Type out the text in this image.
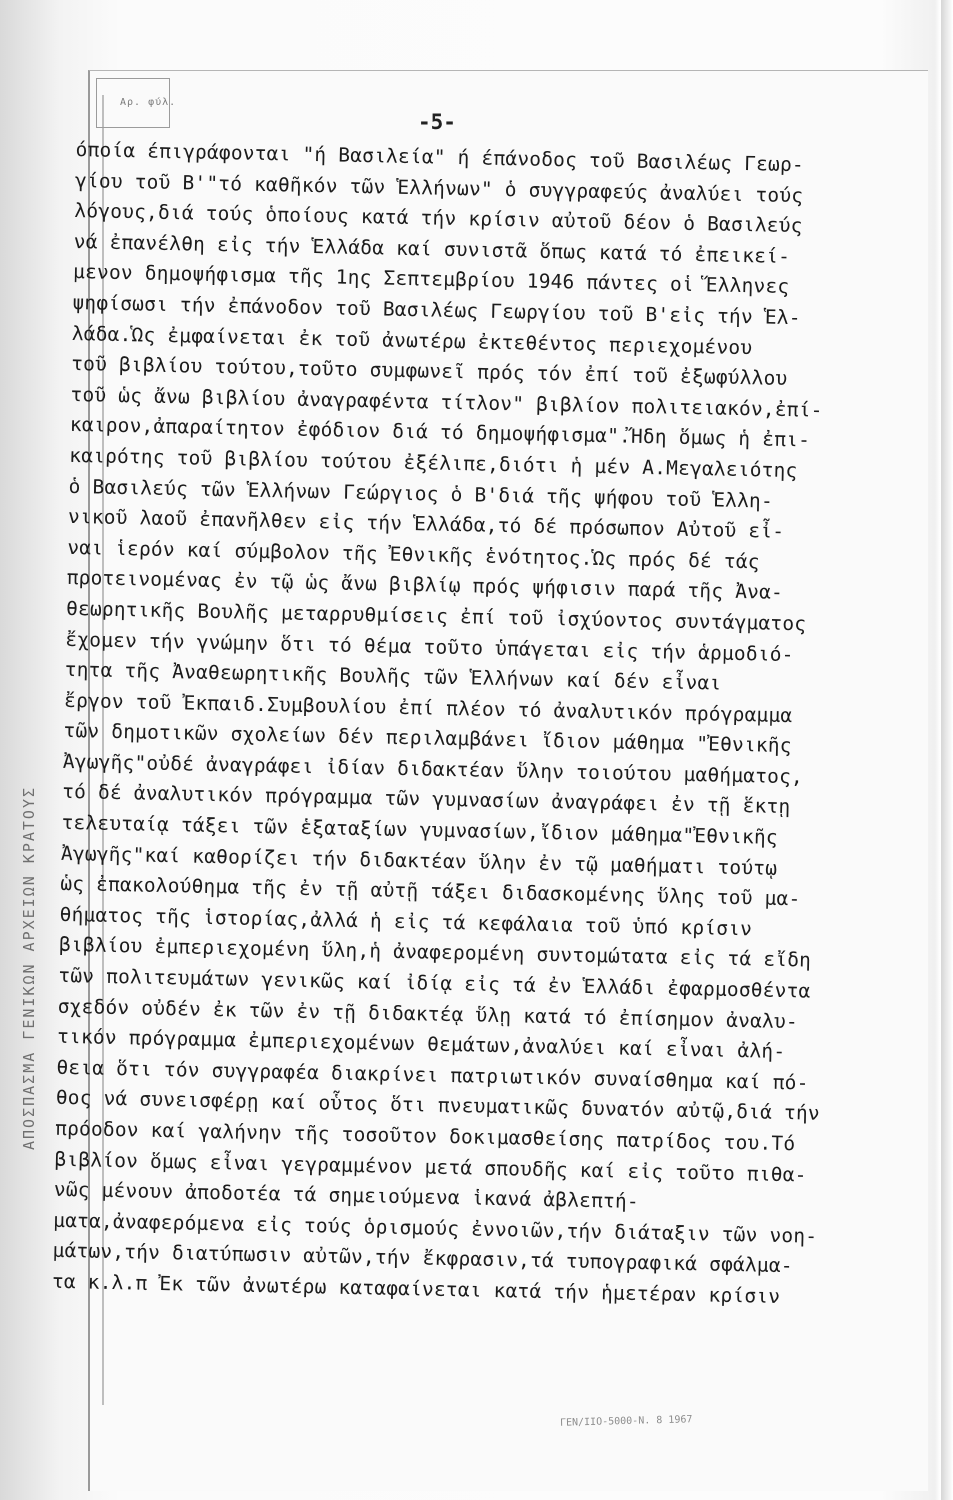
Αρ. φύλ.
ΑΠΟΣΠΑΣΜΑ ΓΕΝΙΚΩΝ ΑΡΧΕΙΩΝ ΚΡΑΤΟΥΣ
-5-
όποία έπιγράφονται "ή Βασιλεία" ή έπάνοδος τοῦ Βασιλέως Γεωρ-
γίου τοῦ Β'"τό καθῆκόν τῶν Ἑλλήνων" ὁ συγγραφεύς ἀναλύει τούς
λόγους,διά τούς ὁποίους κατά τήν κρίσιν αὐτοῦ δέον ὁ Βασιλεύς
νά ἐπανέλθη εἰς τήν Ἑλλάδα καί συνιστᾶ ὅπως κατά τό ἐπεικεί-
μενον δημοψήφισμα τῆς 1ης Σεπτεμβρίου 1946 πάντες οἱ Ἕλληνες
ψηφίσωσι τήν ἐπάνοδον τοῦ Βασιλέως Γεωργίου τοῦ Β'εἰς τήν Ἑλ-
λάδα.Ὡς ἐμφαίνεται ἐκ τοῦ ἀνωτέρω ἐκτεθέντος περιεχομένου
τοῦ βιβλίου τούτου,τοῦτο συμφωνεῖ πρός τόν ἐπί τοῦ ἐξωφύλλου
τοῦ ὡς ἄνω βιβλίου ἀναγραφέντα τίτλον" βιβλίον πολιτειακόν,ἐπί-
καιρον,ἀπαραίτητον ἐφόδιον διά τό δημοψήφισμα".Ἤδη ὅμως ἡ ἐπι-
καιρότης τοῦ βιβλίου τούτου ἐξέλιπε,διότι ἡ μέν Α.Μεγαλειότης
ὁ Βασιλεύς τῶν Ἑλλήνων Γεώργιος ὁ Β'διά τῆς ψήφου τοῦ Ἑλλη-
νικοῦ λαοῦ ἐπανῆλθεν εἰς τήν Ἑλλάδα,τό δέ πρόσωπον Αὐτοῦ εἶ-
ναι ἱερόν καί σύμβολον τῆς Ἐθνικῆς ἑνότητος.Ὡς πρός δέ τάς
προτεινομένας ἐν τῷ ὡς ἄνω βιβλίῳ πρός ψήφισιν παρά τῆς Ἀνα-
θεωρητικῆς Βουλῆς μεταρρυθμίσεις ἐπί τοῦ ἰσχύοντος συντάγματος
ἔχομεν τήν γνώμην ὅτι τό θέμα τοῦτο ὑπάγεται εἰς τήν ἁρμοδιό-
τητα τῆς Ἀναθεωρητικῆς Βουλῆς τῶν Ἑλλήνων καί δέν εἶναι
ἔργον τοῦ Ἐκπαιδ.Συμβουλίου ἐπί πλέον τό ἀναλυτικόν πρόγραμμα
τῶν δημοτικῶν σχολείων δέν περιλαμβάνει ἴδιον μάθημα "Ἐθνικῆς
Ἀγωγῆς"οὐδέ ἀναγράφει ἰδίαν διδακτέαν ὕλην τοιούτου μαθήματος,
τό δέ ἀναλυτικόν πρόγραμμα τῶν γυμνασίων ἀναγράφει ἐν τῇ ἕκτῃ
τελευταίᾳ τάξει τῶν ἑξαταξίων γυμνασίων,ἴδιον μάθημα"Ἐθνικῆς
Ἀγωγῆς"καί καθορίζει τήν διδακτέαν ὕλην ἐν τῷ μαθήματι τούτῳ
ὡς ἐπακολούθημα τῆς ἐν τῇ αὐτῇ τάξει διδασκομένης ὕλης τοῦ μα-
θήματος τῆς ἱστορίας,ἀλλά ἡ εἰς τά κεφάλαια τοῦ ὑπό κρίσιν
βιβλίου ἐμπεριεχομένη ὕλη,ἡ ἀναφερομένη συντομώτατα εἰς τά εἴδη
τῶν πολιτευμάτων γενικῶς καί ἰδίᾳ εἰς τά ἐν Ἑλλάδι ἐφαρμοσθέντα
σχεδόν οὐδέν ἐκ τῶν ἐν τῇ διδακτέᾳ ὕλῃ κατά τό ἐπίσημον ἀναλυ-
τικόν πρόγραμμα ἐμπεριεχομένων θεμάτων,ἀναλύει καί εἶναι ἀλή-
θεια ὅτι τόν συγγραφέα διακρίνει πατριωτικόν συναίσθημα καί πό-
θος νά συνεισφέρῃ καί οὗτος ὅτι πνευματικῶς δυνατόν αὐτῷ,διά τήν
πρόοδον καί γαλήνην τῆς τοσοῦτον δοκιμασθείσης πατρίδος του.Τό
βιβλίον ὅμως εἶναι γεγραμμένον μετά σπουδῆς καί εἰς τοῦτο πιθα-
νῶς μένουν ἀποδοτέα τά σημειούμενα ἱκανά ἀβλεπτή-
ματα,ἀναφερόμενα εἰς τούς ὁρισμούς ἐννοιῶν,τήν διάταξιν τῶν νοη-
μάτων,τήν διατύπωσιν αὐτῶν,τήν ἔκφρασιν,τά τυπογραφικά σφάλμα-
τα κ.λ.π Ἐκ τῶν ἀνωτέρω καταφαίνεται κατά τήν ἡμετέραν κρίσιν
ΓΕΝ/ΙΙΟ-5000-Ν. 8 1967
